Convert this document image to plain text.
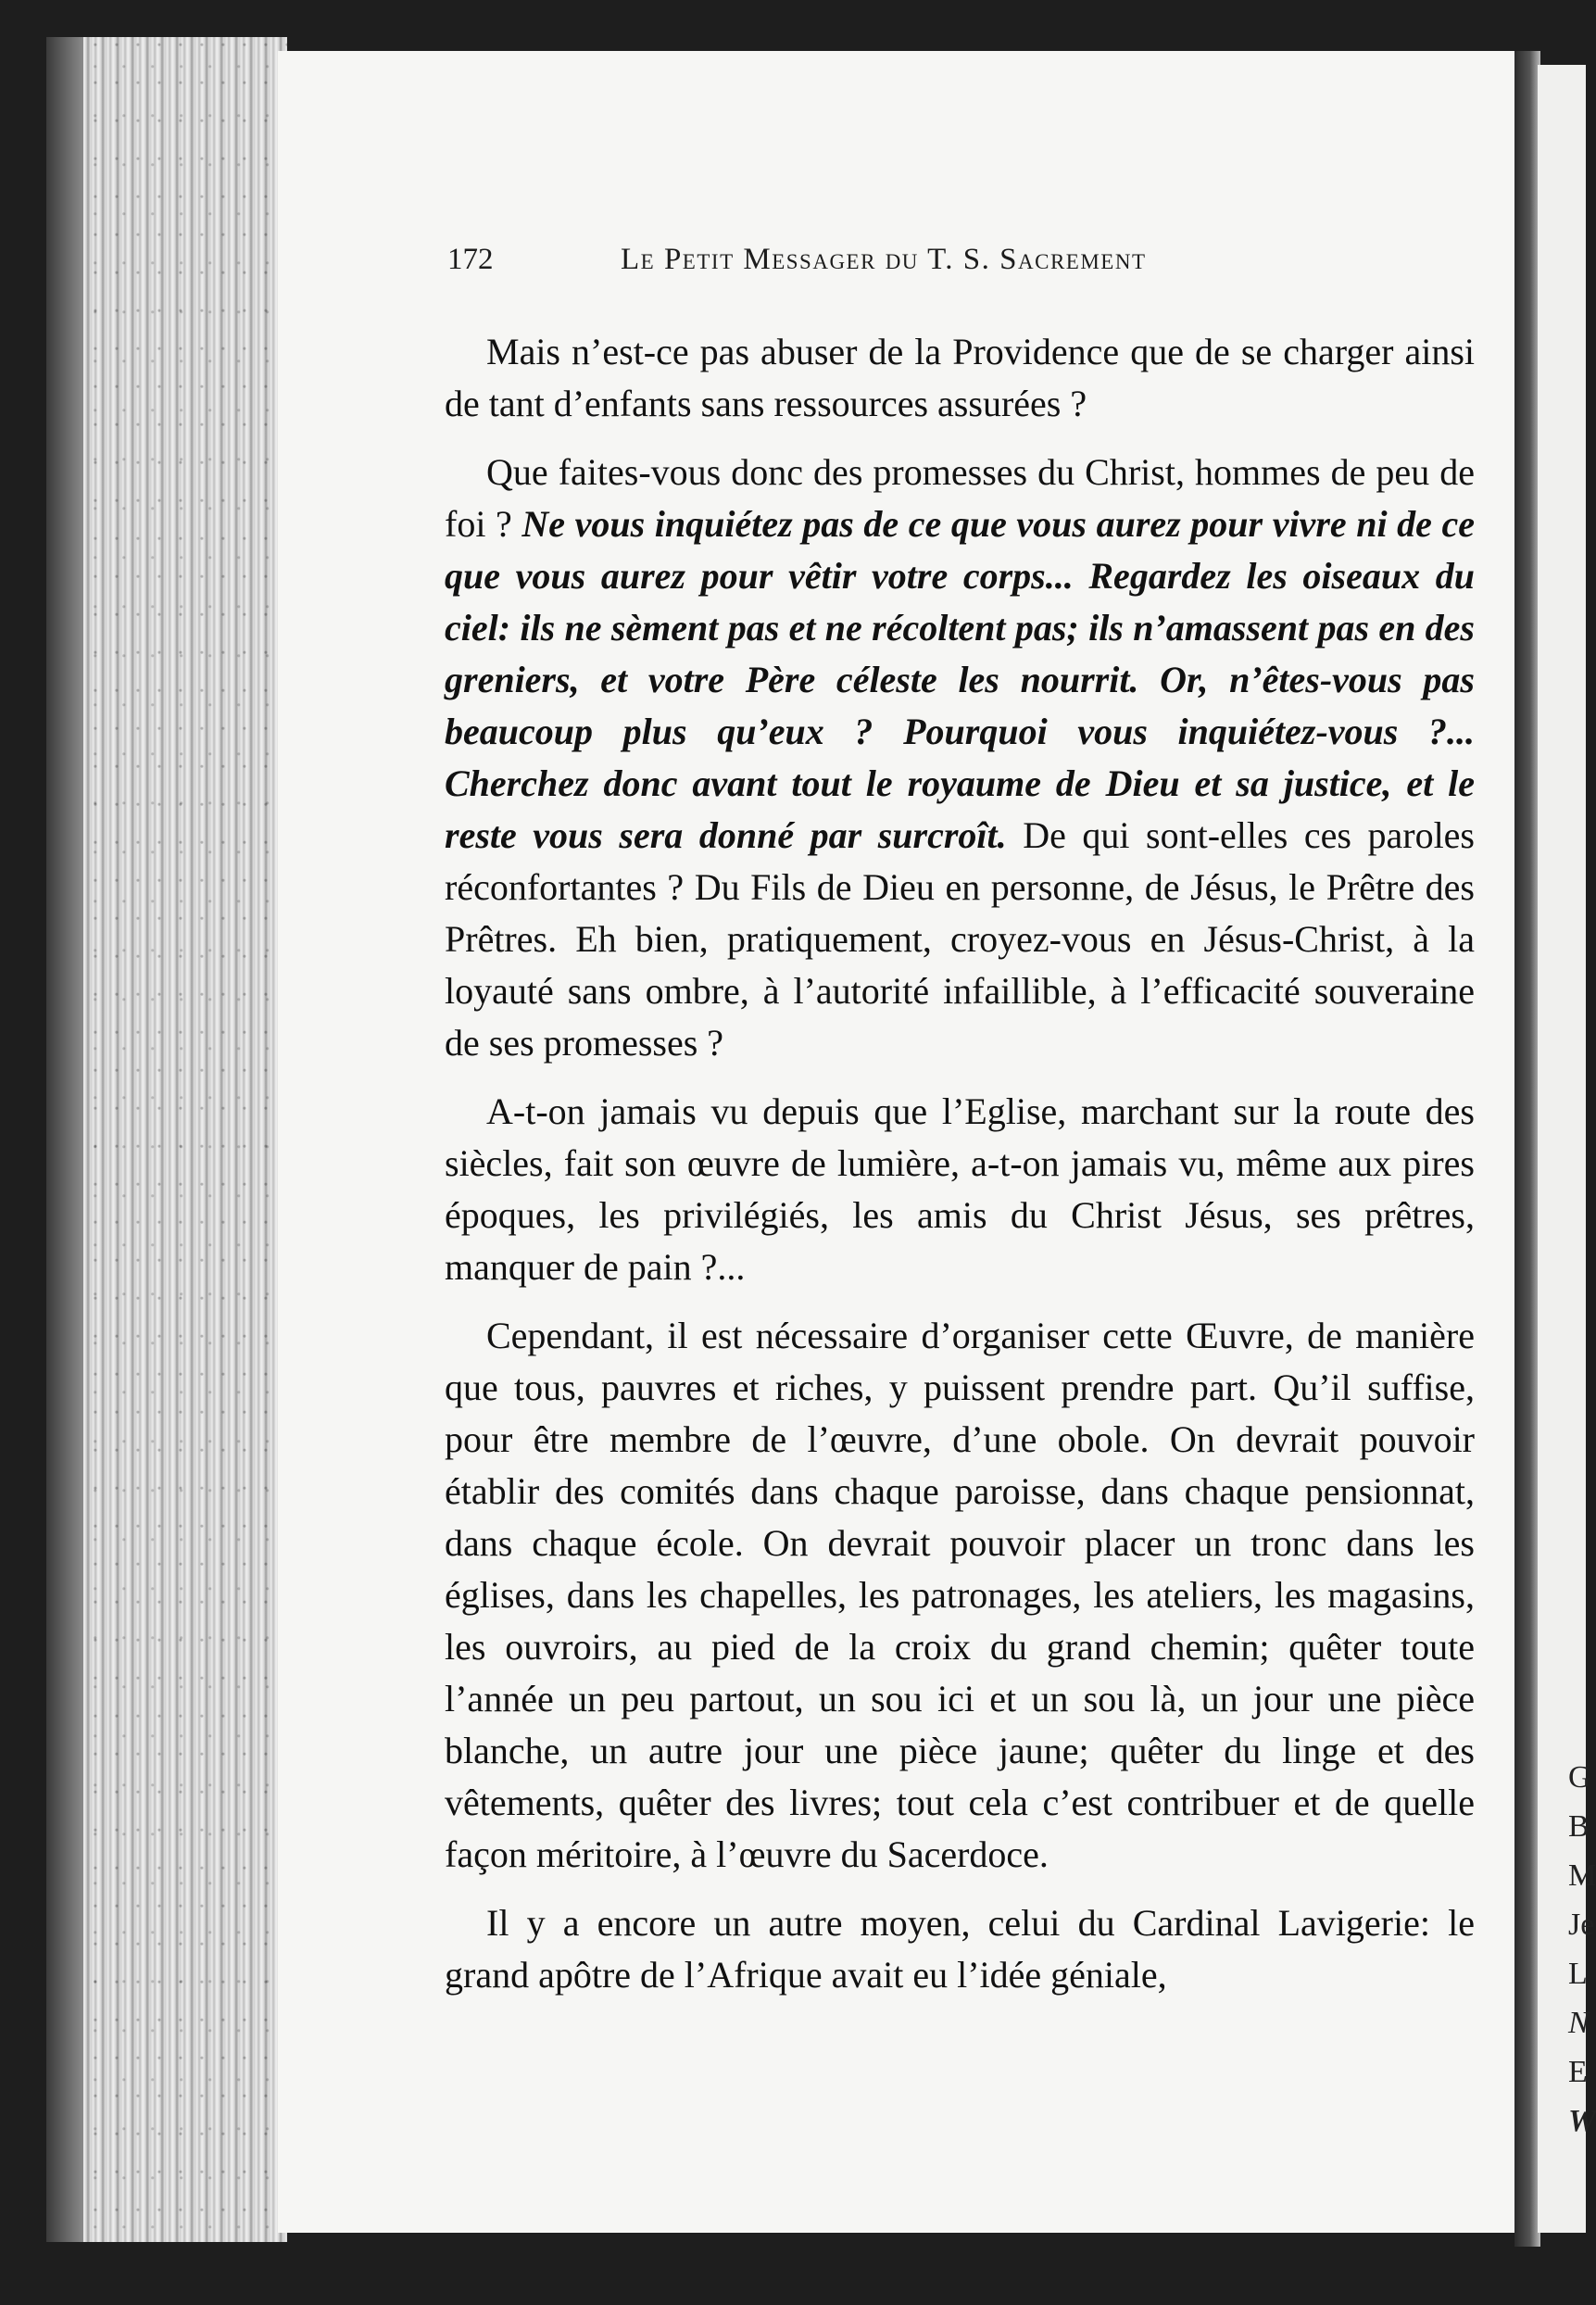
G
B
M
Je
L
N
E
W
172	Le Petit Messager du T. S. Sacrement

Mais n’est-ce pas abuser de la Providence que de se charger ainsi de tant d’enfants sans ressources assurées ?

Que faites-vous donc des promesses du Christ, hommes de peu de foi ? Ne vous inquiétez pas de ce que vous aurez pour vivre ni de ce que vous aurez pour vêtir votre corps... Regardez les oiseaux du ciel: ils ne sèment pas et ne récoltent pas; ils n’amassent pas en des greniers, et votre Père céleste les nourrit. Or, n’êtes-vous pas beaucoup plus qu’eux ? Pourquoi vous inquiétez-vous ?... Cherchez donc avant tout le royaume de Dieu et sa justice, et le reste vous sera donné par surcroît. De qui sont-elles ces paroles réconfortantes ? Du Fils de Dieu en personne, de Jésus, le Prêtre des Prêtres. Eh bien, pratiquement, croyez-vous en Jésus-Christ, à la loyauté sans ombre, à l’autorité infaillible, à l’efficacité souveraine de ses promesses ?

A-t-on jamais vu depuis que l’Eglise, marchant sur la route des siècles, fait son œuvre de lumière, a-t-on jamais vu, même aux pires époques, les privilégiés, les amis du Christ Jésus, ses prêtres, manquer de pain ?...

Cependant, il est nécessaire d’organiser cette Œuvre, de manière que tous, pauvres et riches, y puissent prendre part. Qu’il suffise, pour être membre de l’œuvre, d’une obole. On devrait pouvoir établir des comités dans chaque paroisse, dans chaque pensionnat, dans chaque école. On devrait pouvoir placer un tronc dans les églises, dans les chapelles, les patronages, les ateliers, les magasins, les ouvroirs, au pied de la croix du grand chemin; quêter toute l’année un peu partout, un sou ici et un sou là, un jour une pièce blanche, un autre jour une pièce jaune; quêter du linge et des vêtements, quêter des livres; tout cela c’est contribuer et de quelle façon méritoire, à l’œuvre du Sacerdoce.

Il y a encore un autre moyen, celui du Cardinal Lavigerie: le grand apôtre de l’Afrique avait eu l’idée géniale,
